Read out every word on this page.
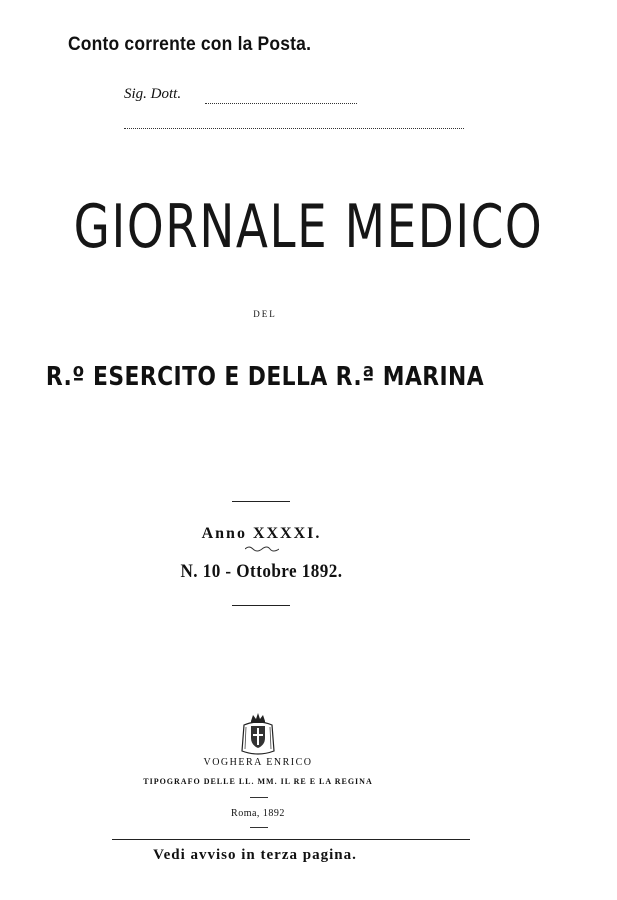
Conto corrente con la Posta.
Sig. Dott.
GIORNALE MEDICO
DEL
R.º ESERCITO E DELLA R.ª MARINA
Anno XXXXI.
N. 10 - Ottobre 1892.
VOGHERA ENRICO
TIPOGRAFO DELLE LL. MM. IL RE E LA REGINA
Roma, 1892
Vedi avviso in terza pagina.
